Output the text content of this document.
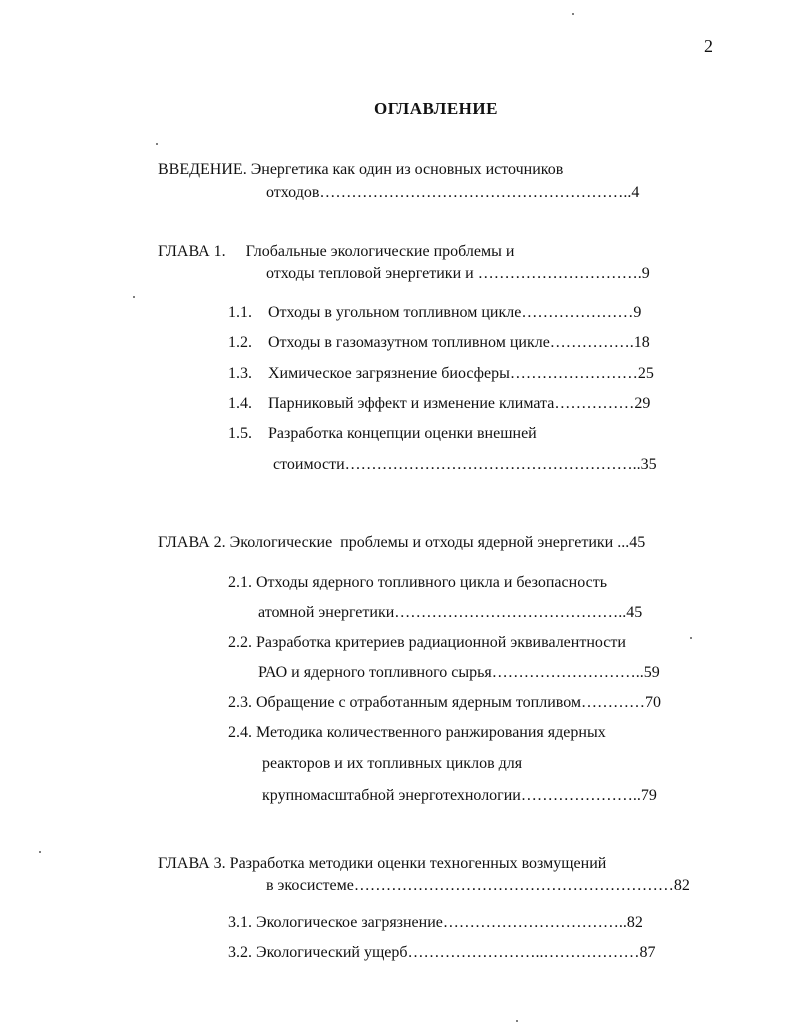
2
ОГЛАВЛЕНИЕ
ВВЕДЕНИЕ. Энергетика как один из основных источников
отходов…………………………………………………..4
ГЛАВА 1.     Глобальные экологические проблемы и
отходы тепловой энергетики и ………………………….9
1.1.    Отходы в угольном топливном цикле…………………9
1.2.    Отходы в газомазутном топливном цикле…………….18
1.3.    Химическое загрязнение биосферы……………………25
1.4.    Парниковый эффект и изменение климата……………29
1.5.    Разработка концепции оценки внешней
стоимости………………………………………………..35
ГЛАВА 2. Экологические  проблемы и отходы ядерной энергетики ...45
2.1. Отходы ядерного топливного цикла и безопасность
атомной энергетики……………………………………..45
2.2. Разработка критериев радиационной эквивалентности
РАО и ядерного топливного сырья………………………..59
2.3. Обращение с отработанным ядерным топливом…………70
2.4. Методика количественного ранжирования ядерных
реакторов и их топливных циклов для
крупномасштабной энерготехнологии…………………..79
ГЛАВА 3. Разработка методики оценки техногенных возмущений
в экосистеме……………………………………………………82
3.1. Экологическое загрязнение……………………………..82
3.2. Экологический ущерб……………………..………………87
